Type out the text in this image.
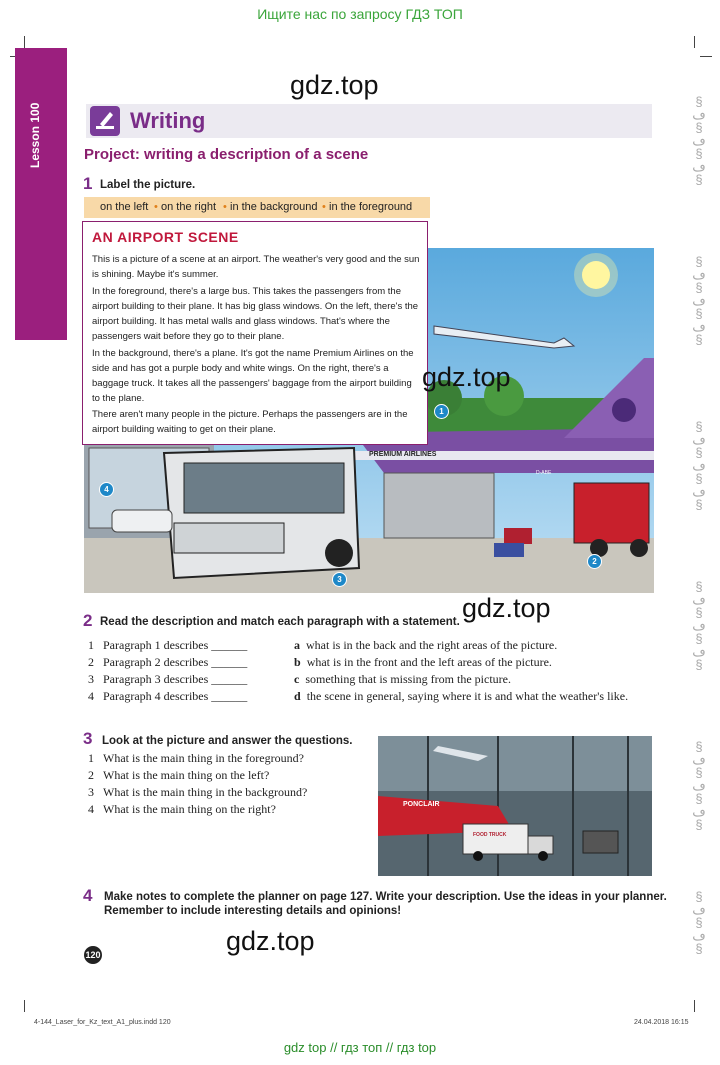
Ищите нас по запросу ГДЗ ТОП
§
ڡ
§
ڡ
§
ڡ
§
§
ڡ
§
ڡ
§
ڡ
§
§
ڡ
§
ڡ
§
ڡ
§
§
ڡ
§
ڡ
§
ڡ
§
§
ڡ
§
ڡ
§
ڡ
§
§
ڡ
§
ڡ
§
Lesson 100
gdz.top
Writing
Project: writing a description of a scene
1 Label the picture.
on the left • on the right • in the background • in the foreground
PREMIUM AIRLINES
D-ABE
1
2
3
4
AN AIRPORT SCENE
This is a picture of a scene at an airport. The weather's very good and the sun is shining. Maybe it's summer.
In the foreground, there's a large bus. This takes the passengers from the airport building to their plane. It has big glass windows. On the left, there's the airport building. It has metal walls and glass windows. That's where the passengers wait before they go to their plane.
In the background, there's a plane. It's got the name Premium Airlines on the side and has got a purple body and white wings. On the right, there's a baggage truck. It takes all the passengers' baggage from the airport building to the plane.
There aren't many people in the picture. Perhaps the passengers are in the airport building waiting to get on their plane.
gdz.top
gdz.top
2 Read the description and match each paragraph with a statement.
1 Paragraph 1 describes ______
2 Paragraph 2 describes ______
3 Paragraph 3 describes ______
4 Paragraph 4 describes ______
a what is in the back and the right areas of the picture.
b what is in the front and the left areas of the picture.
c something that is missing from the picture.
d the scene in general, saying where it is and what the weather's like.
3 Look at the picture and answer the questions.
1 What is the main thing in the foreground?
2 What is the main thing on the left?
3 What is the main thing in the background?
4 What is the main thing on the right?	PONCLAIR
FOOD TRUCK
4 Make notes to complete the planner on page 127. Write your description. Use the ideas in your planner.
Remember to include interesting details and opinions!
gdz.top
120
4-144_Laser_for_Kz_text_A1_plus.indd 120	24.04.2018 16:15
gdz top // гдз топ // гдз top
